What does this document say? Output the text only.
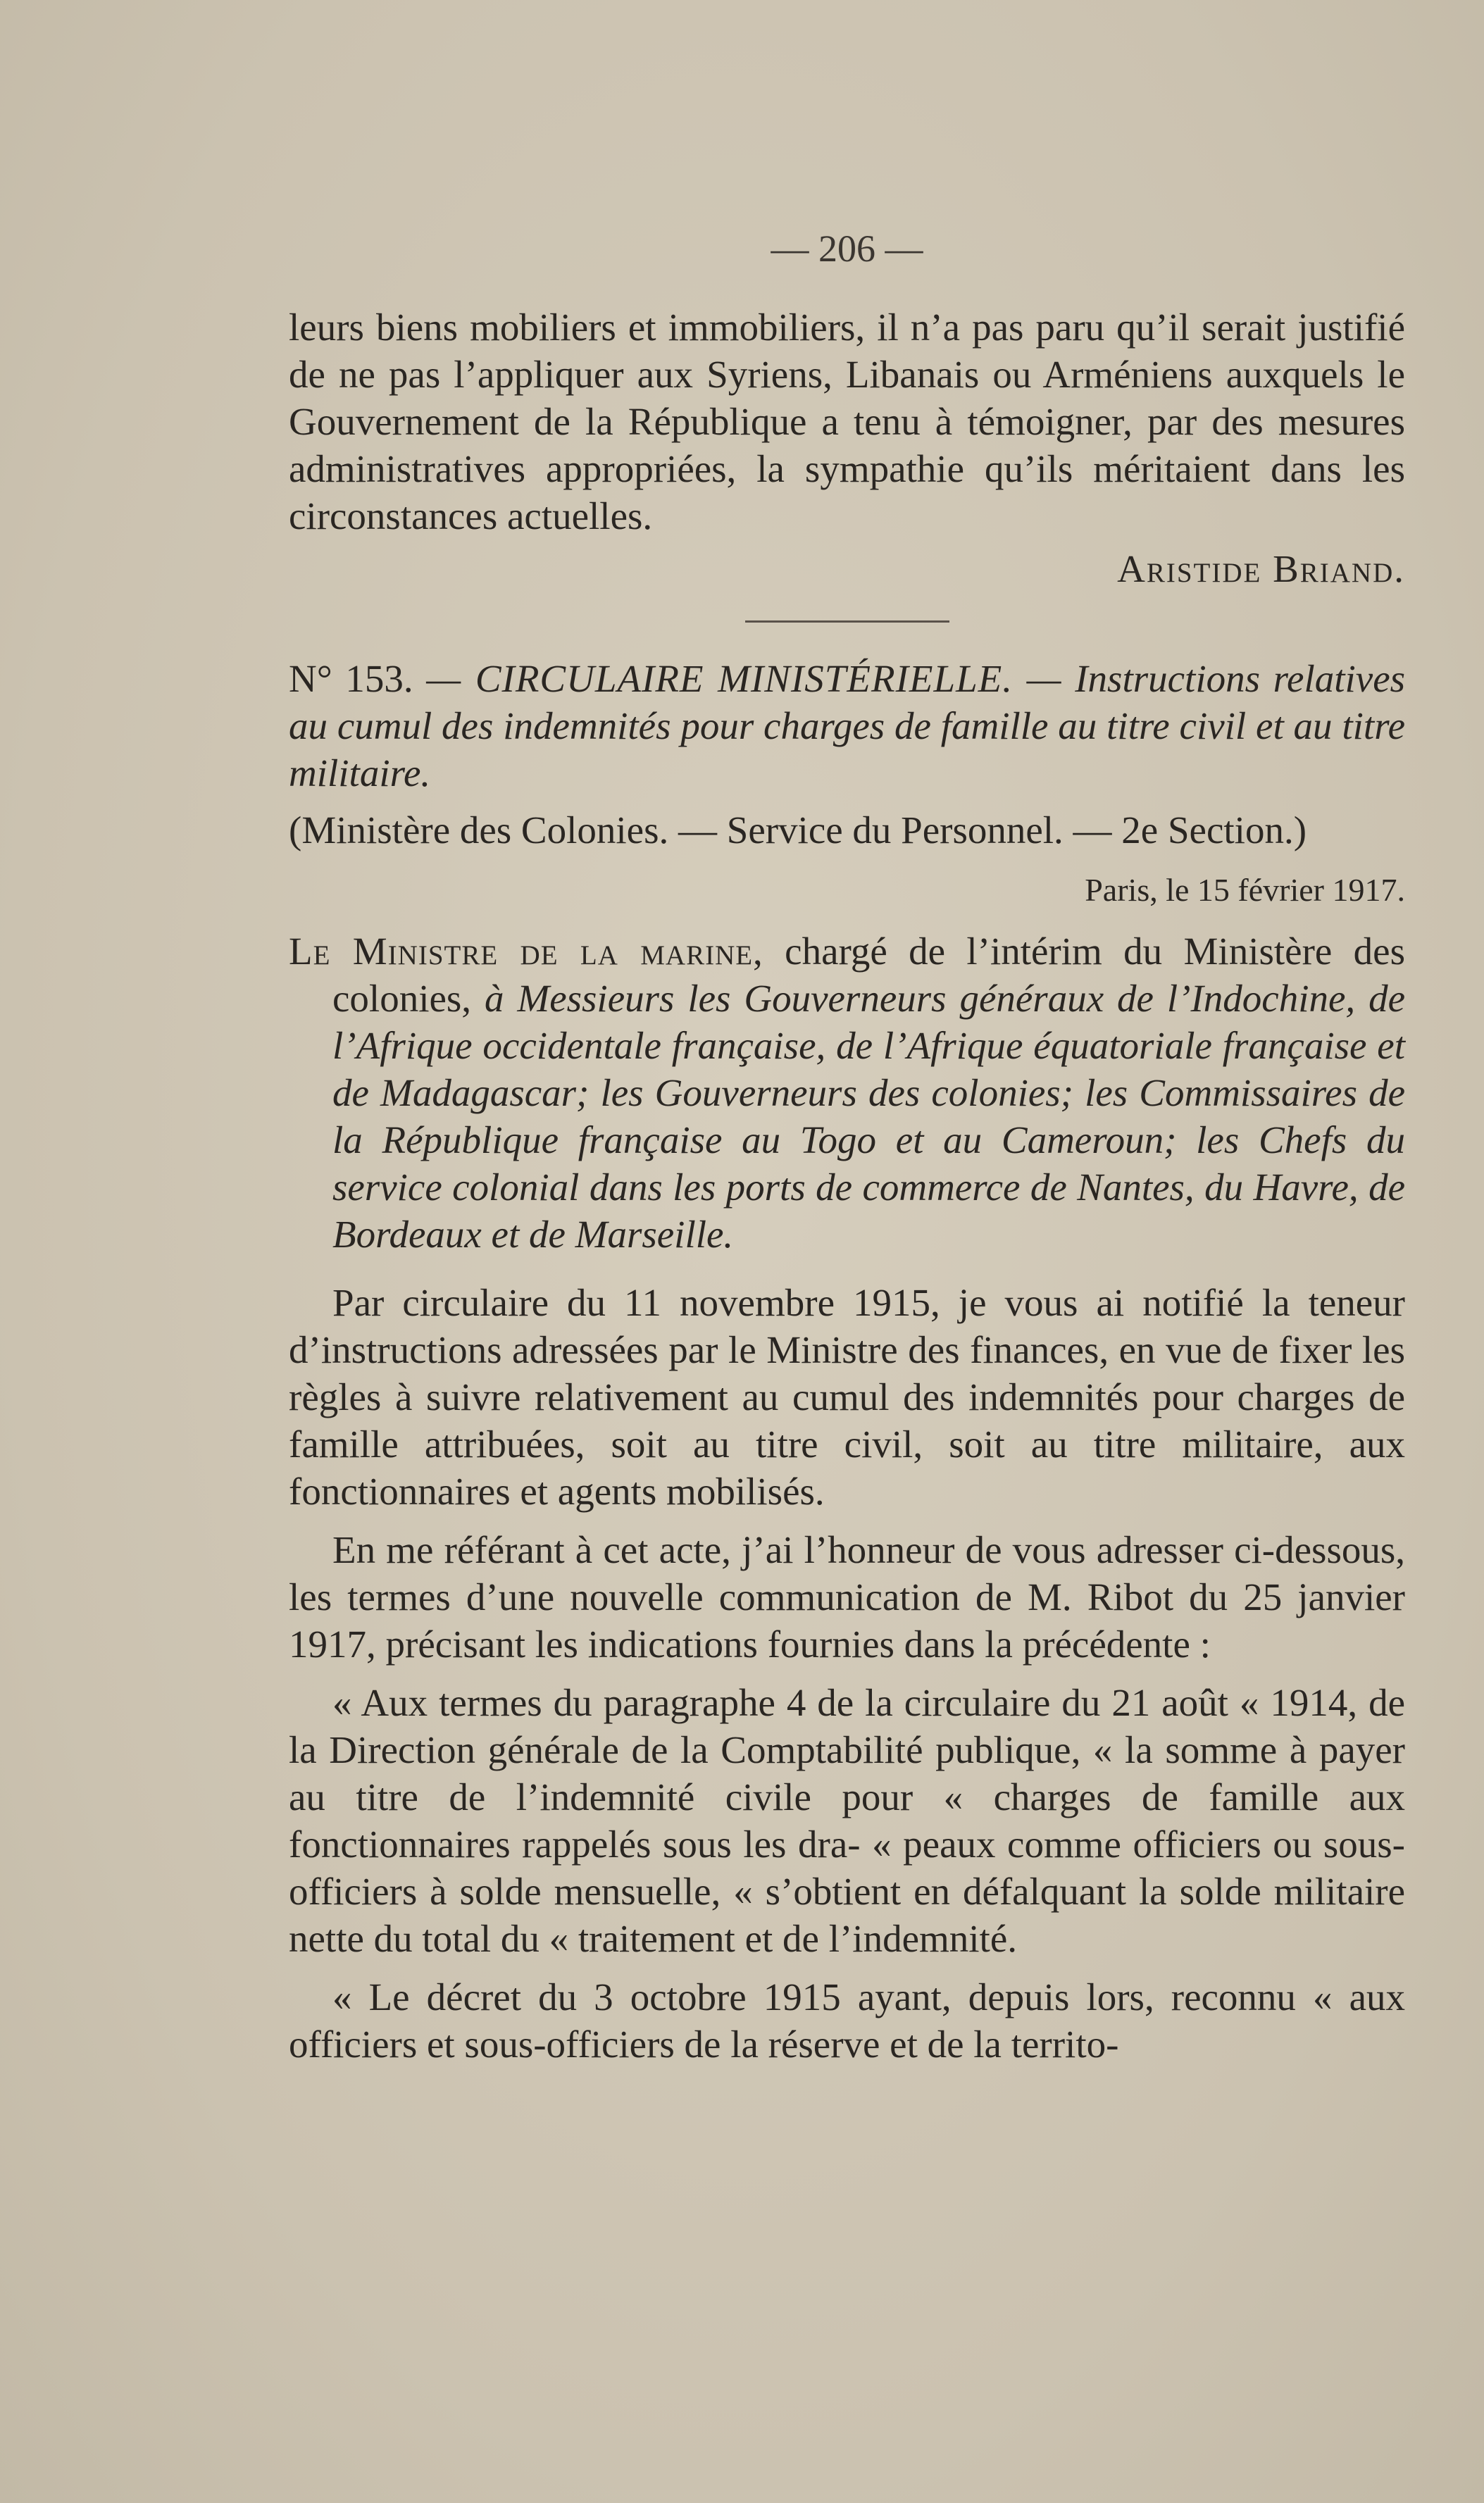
— 206 —

leurs biens mobiliers et immobiliers, il n’a pas paru qu’il serait justifié de ne pas l’appliquer aux Syriens, Libanais ou Arméniens auxquels le Gouvernement de la République a tenu à témoigner, par des mesures administratives appropriées, la sympathie qu’ils méritaient dans les circonstances actuelles.

Aristide Briand.

N° 153. — CIRCULAIRE MINISTÉRIELLE. — Instructions relatives au cumul des indemnités pour charges de famille au titre civil et au titre militaire.

(Ministère des Colonies. — Service du Personnel. — 2e Section.)

Paris, le 15 février 1917.

Le Ministre de la marine, chargé de l’intérim du Ministère des colonies, à Messieurs les Gouverneurs généraux de l’Indochine, de l’Afrique occidentale française, de l’Afrique équatoriale française et de Madagascar; les Gouverneurs des colonies; les Commissaires de la République française au Togo et au Cameroun; les Chefs du service colonial dans les ports de commerce de Nantes, du Havre, de Bordeaux et de Marseille.

Par circulaire du 11 novembre 1915, je vous ai notifié la teneur d’instructions adressées par le Ministre des finances, en vue de fixer les règles à suivre relativement au cumul des indemnités pour charges de famille attribuées, soit au titre civil, soit au titre militaire, aux fonctionnaires et agents mobilisés.

En me référant à cet acte, j’ai l’honneur de vous adresser ci-dessous, les termes d’une nouvelle communication de M. Ribot du 25 janvier 1917, précisant les indications fournies dans la précédente :

« Aux termes du paragraphe 4 de la circulaire du 21 août « 1914, de la Direction générale de la Comptabilité publique, « la somme à payer au titre de l’indemnité civile pour « charges de famille aux fonctionnaires rappelés sous les dra- « peaux comme officiers ou sous-officiers à solde mensuelle, « s’obtient en défalquant la solde militaire nette du total du « traitement et de l’indemnité.

« Le décret du 3 octobre 1915 ayant, depuis lors, reconnu « aux officiers et sous-officiers de la réserve et de la territo-
